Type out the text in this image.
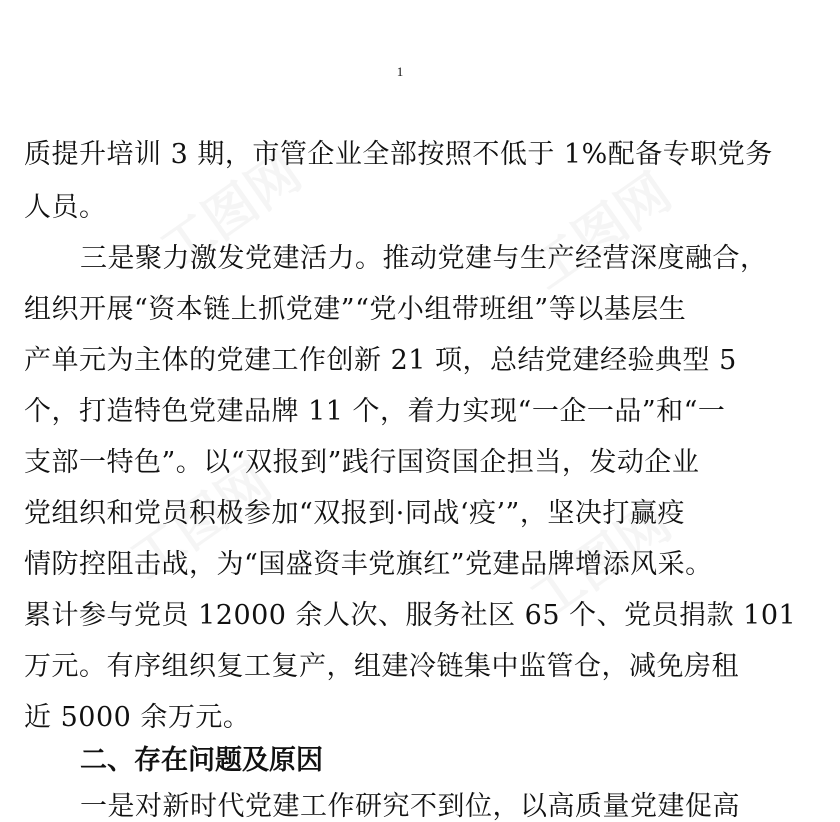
工图网	工图网
工图网	工图网
1
质提升培训 3 期，市管企业全部按照不低于 1%配备专职党务
人员。
三是聚力激发党建活力。推动党建与生产经营深度融合，
组织开展“资本链上抓党建”“党小组带班组”等以基层生
产单元为主体的党建工作创新 21 项，总结党建经验典型 5
个，打造特色党建品牌 11 个，着力实现“一企一品”和“一
支部一特色”。以“双报到”践行国资国企担当，发动企业
党组织和党员积极参加“双报到·同战‘疫’”，坚决打赢疫
情防控阻击战，为“国盛资丰党旗红”党建品牌增添风采。
累计参与党员 12000 余人次、服务社区 65 个、党员捐款 101
万元。有序组织复工复产，组建冷链集中监管仓，减免房租
近 5000 余万元。
二、存在问题及原因
一是对新时代党建工作研究不到位，以高质量党建促高
